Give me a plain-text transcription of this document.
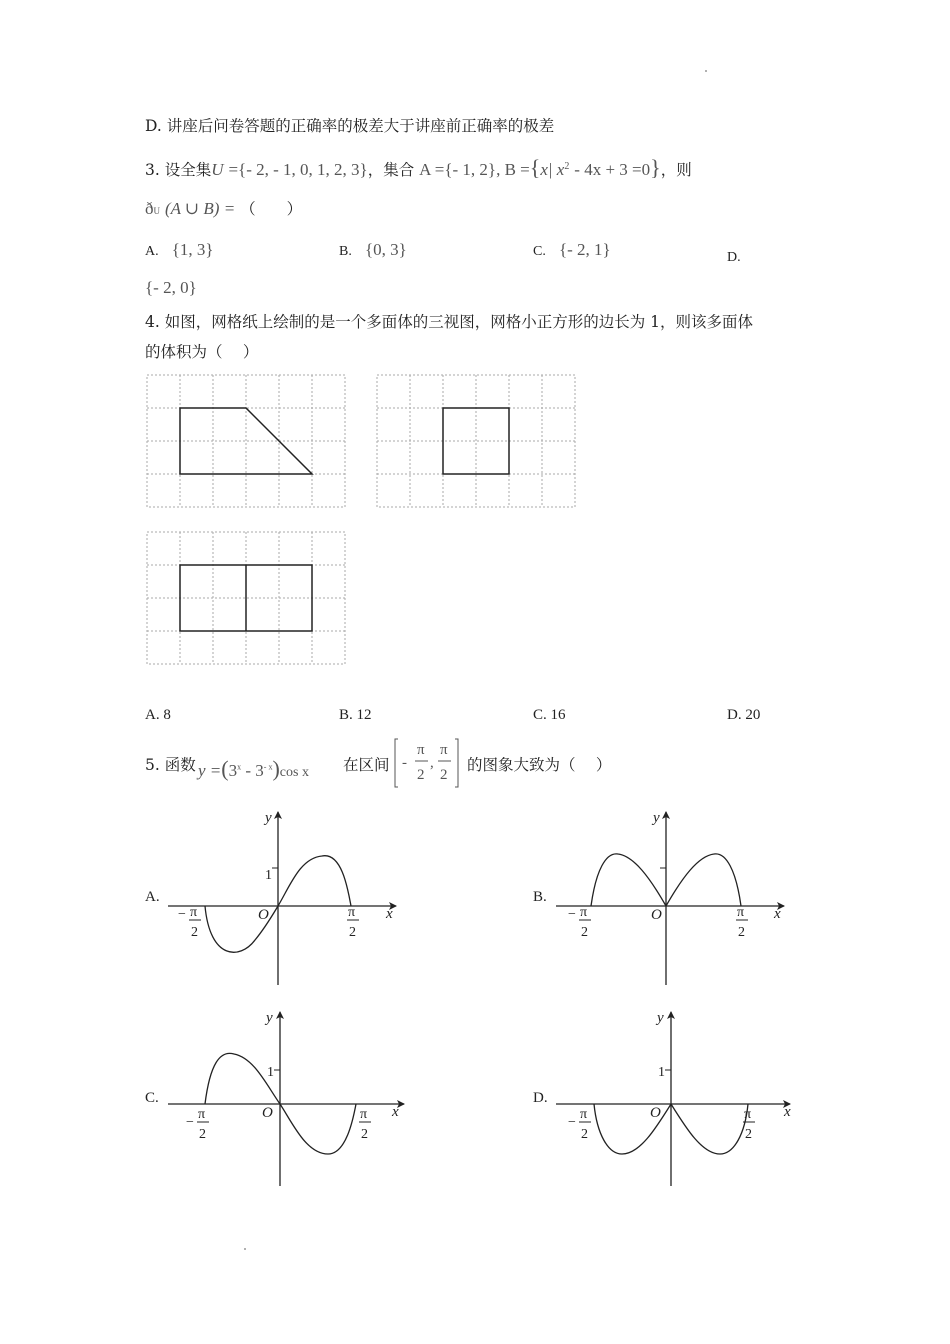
D. 讲座后问卷答题的正确率的极差大于讲座前正确率的极差
3. 设全集U ={- 2, - 1, 0, 1, 2, 3}，集合 A ={- 1, 2}, B ={x| $x^2 - 4x + 3 =0$}，则
ðU (A ∪ B) = （　　）
A. {1, 3}	B. {0, 3}	C. {- 2, 1}	D.
{- 2, 0}
4. 如图，网格纸上绘制的是一个多面体的三视图，网格小正方形的边长为 1，则该多面体
的体积为（　 ）
A. 8	B. 12	C. 16	D. 20
5. 函数 $y =(3^x - 3^{- x})\cos$ x 在区间 -
π
2
,
π
2
的图象大致为（　 ）
A.	B.
C.	D.
y
x
O
1
− π
2
π
2
y
x
O
− π
2
π
2
y
x
O
1
−
π
2
π
2
y
x
O
1
−
π
2
π
2
